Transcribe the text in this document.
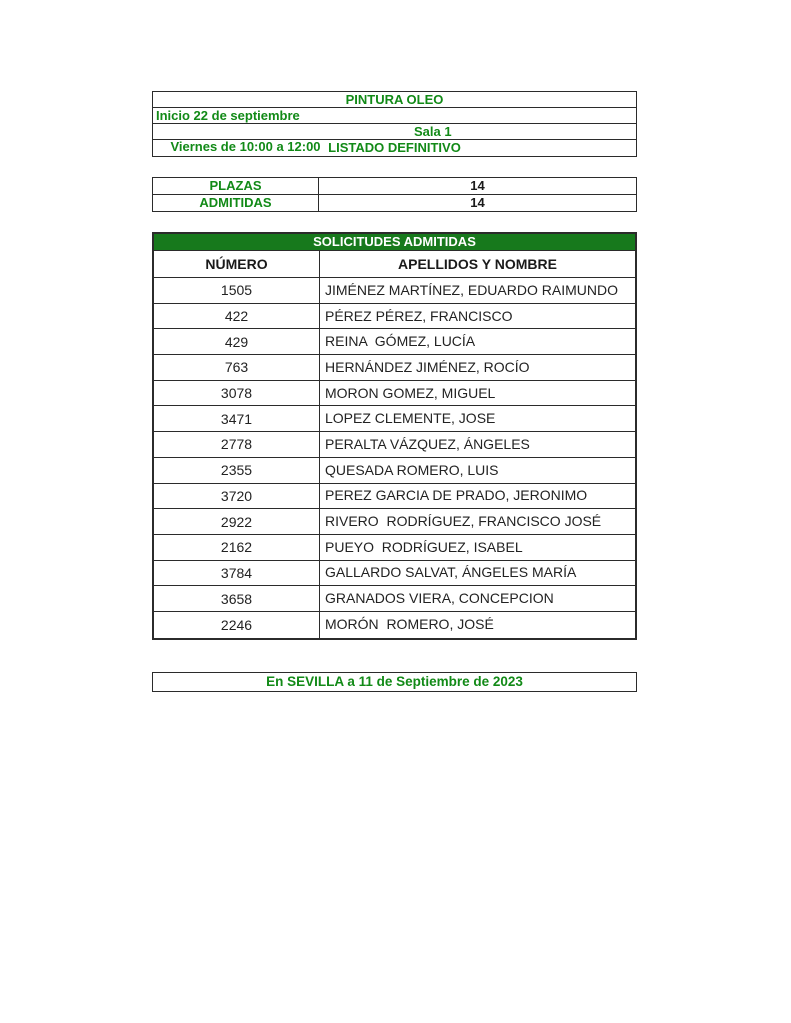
PINTURA OLEO
Inicio 22 de septiembre

Viernes de 10:00 a 12:00

Sala 1

LISTADO DEFINITIVO
PLAZAS	14
ADMITIDAS	14
SOLICITUDES ADMITIDAS
NÚMERO	APELLIDOS Y NOMBRE
1505	JIMÉNEZ MARTÍNEZ, EDUARDO RAIMUNDO
422	PÉREZ PÉREZ, FRANCISCO
429	REINA  GÓMEZ, LUCÍA
763	HERNÁNDEZ JIMÉNEZ, ROCÍO
3078	MORON GOMEZ, MIGUEL
3471	LOPEZ CLEMENTE, JOSE
2778	PERALTA VÁZQUEZ, ÁNGELES
2355	QUESADA ROMERO, LUIS
3720	PEREZ GARCIA DE PRADO, JERONIMO
2922	RIVERO  RODRÍGUEZ, FRANCISCO JOSÉ
2162	PUEYO  RODRÍGUEZ, ISABEL
3784	GALLARDO SALVAT, ÁNGELES MARÍA
3658	GRANADOS VIERA, CONCEPCION
2246	MORÓN  ROMERO, JOSÉ
En SEVILLA a 11 de Septiembre de 2023
